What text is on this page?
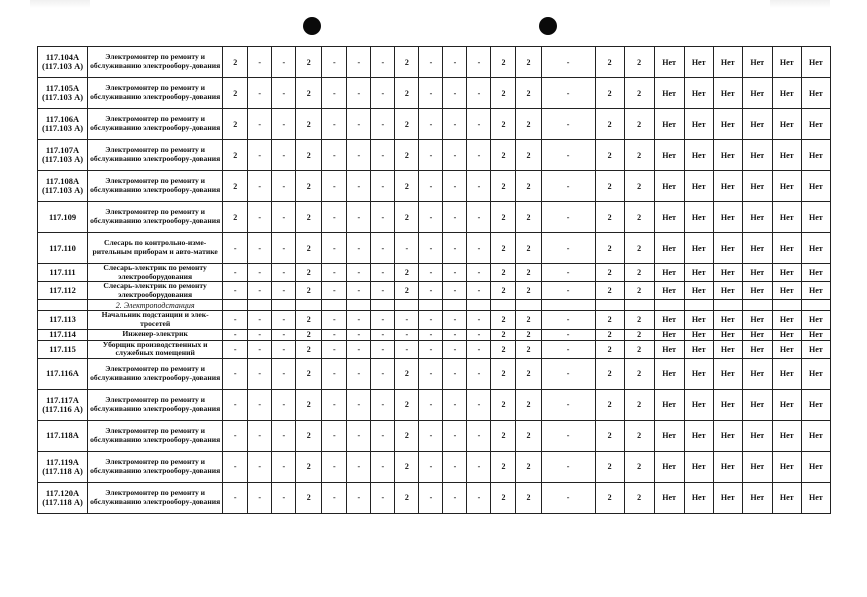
117.104А (117.103 А)	Электромонтер по ремонту и обслуживанию электрообору-дования	2	-	-	2	-	-	-	2	-	-	-	2	2	-	2	2	Нет	Нет	Нет	Нет	Нет	Нет
117.105А (117.103 А)	Электромонтер по ремонту и обслуживанию электрообору-дования	2	-	-	2	-	-	-	2	-	-	-	2	2	-	2	2	Нет	Нет	Нет	Нет	Нет	Нет
117.106А (117.103 А)	Электромонтер по ремонту и обслуживанию электрообору-дования	2	-	-	2	-	-	-	2	-	-	-	2	2	-	2	2	Нет	Нет	Нет	Нет	Нет	Нет
117.107А (117.103 А)	Электромонтер по ремонту и обслуживанию электрообору-дования	2	-	-	2	-	-	-	2	-	-	-	2	2	-	2	2	Нет	Нет	Нет	Нет	Нет	Нет
117.108А (117.103 А)	Электромонтер по ремонту и обслуживанию электрообору-дования	2	-	-	2	-	-	-	2	-	-	-	2	2	-	2	2	Нет	Нет	Нет	Нет	Нет	Нет
117.109	Электромонтер по ремонту и обслуживанию электрообору-дования	2	-	-	2	-	-	-	2	-	-	-	2	2	-	2	2	Нет	Нет	Нет	Нет	Нет	Нет
117.110	Слесарь по контрольно-изме-рительным приборам и авто-матике	-	-	-	2	-	-	-	-	-	-	-	2	2	-	2	2	Нет	Нет	Нет	Нет	Нет	Нет
117.111	Слесарь-электрик по ремонту электрооборудования	-	-	-	2	-	-	-	2	-	-	-	2	2	-	2	2	Нет	Нет	Нет	Нет	Нет	Нет
117.112	Слесарь-электрик по ремонту электрооборудования	-	-	-	2	-	-	-	2	-	-	-	2	2	-	2	2	Нет	Нет	Нет	Нет	Нет	Нет
	2. Электроподстанция																						
117.113	Начальник подстанции и элек-тросетей	-	-	-	2	-	-	-	-	-	-	-	2	2	-	2	2	Нет	Нет	Нет	Нет	Нет	Нет
117.114	Инженер-электрик	-	-	-	2	-	-	-	-	-	-	-	2	2	-	2	2	Нет	Нет	Нет	Нет	Нет	Нет
117.115	Уборщик производственных и служебных помещений	-	-	-	2	-	-	-	-	-	-	-	2	2	-	2	2	Нет	Нет	Нет	Нет	Нет	Нет
117.116А	Электромонтер по ремонту и обслуживанию электрообору-дования	-	-	-	2	-	-	-	2	-	-	-	2	2	-	2	2	Нет	Нет	Нет	Нет	Нет	Нет
117.117А (117.116 А)	Электромонтер по ремонту и обслуживанию электрообору-дования	-	-	-	2	-	-	-	2	-	-	-	2	2	-	2	2	Нет	Нет	Нет	Нет	Нет	Нет
117.118А	Электромонтер по ремонту и обслуживанию электрообору-дования	-	-	-	2	-	-	-	2	-	-	-	2	2	-	2	2	Нет	Нет	Нет	Нет	Нет	Нет
117.119А (117.118 А)	Электромонтер по ремонту и обслуживанию электрообору-дования	-	-	-	2	-	-	-	2	-	-	-	2	2	-	2	2	Нет	Нет	Нет	Нет	Нет	Нет
117.120А (117.118 А)	Электромонтер по ремонту и обслуживанию электрообору-дования	-	-	-	2	-	-	-	2	-	-	-	2	2	-	2	2	Нет	Нет	Нет	Нет	Нет	Нет
